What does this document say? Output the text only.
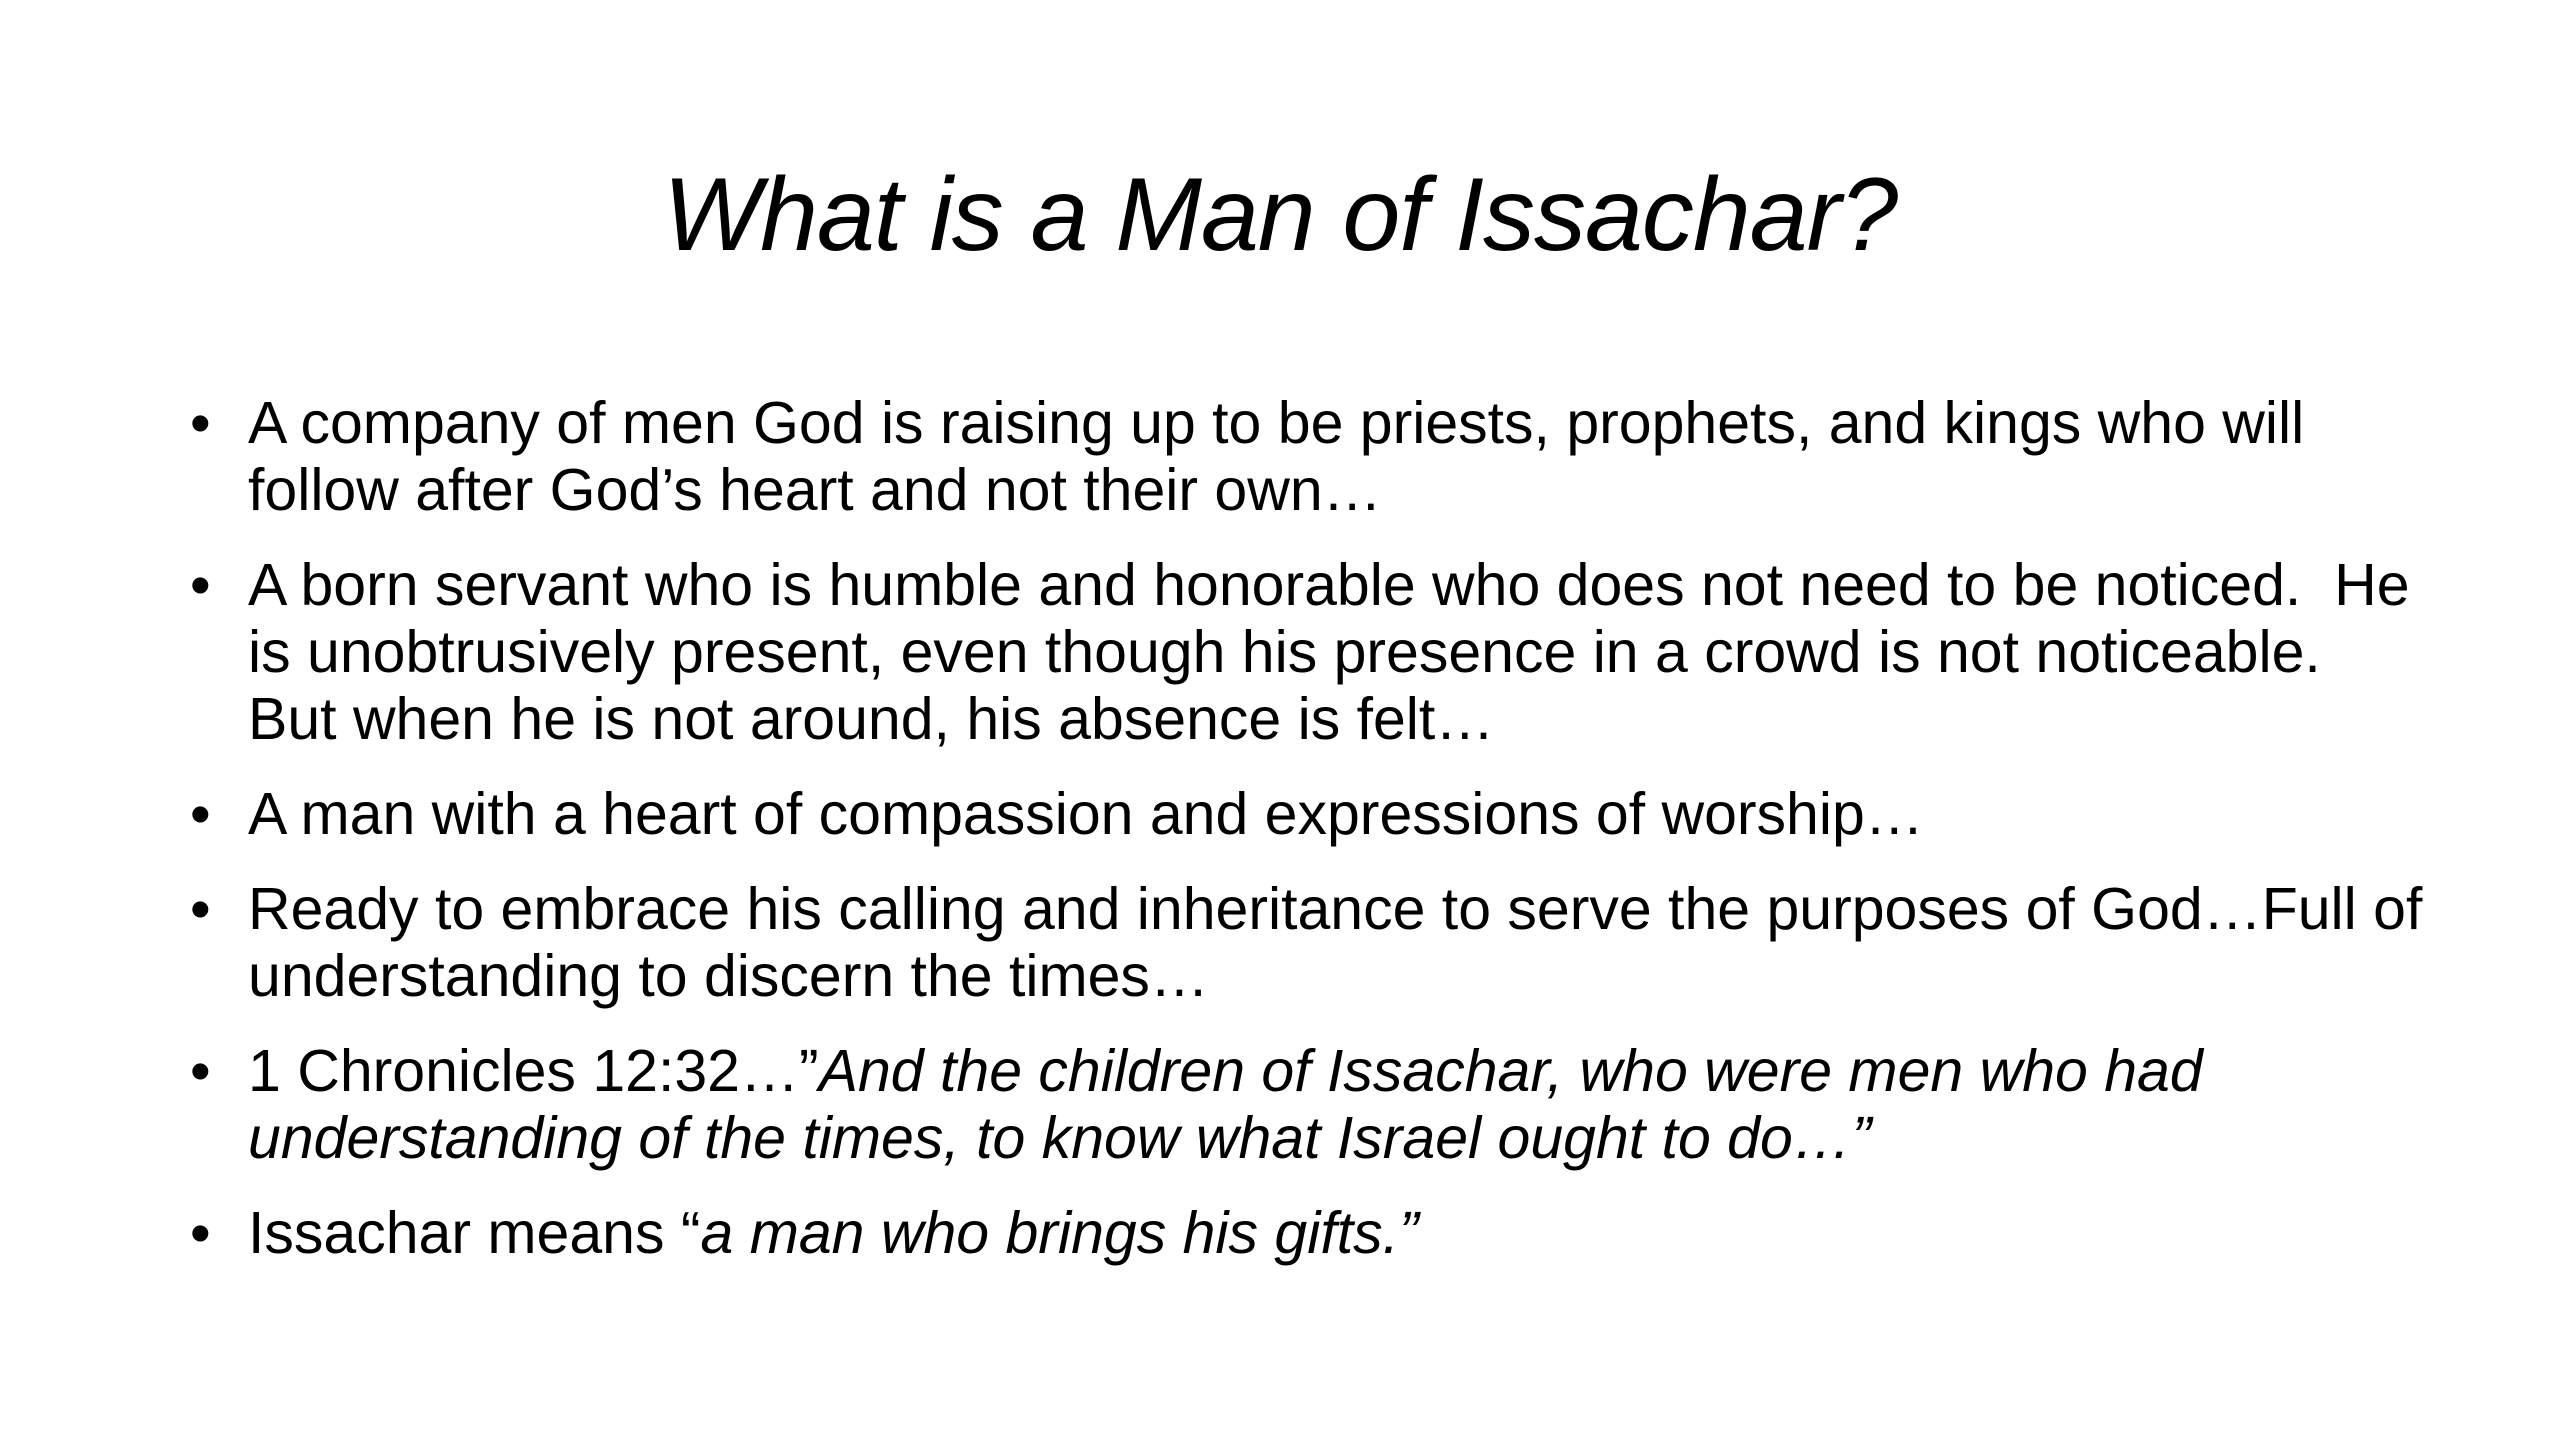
What is a Man of Issachar?
• A company of men God is raising up to be priests, prophets, and kings who will follow after God’s heart and not their own…
• A born servant who is humble and honorable who does not need to be noticed.  He is unobtrusively present, even though his presence in a crowd is not noticeable.  But when he is not around, his absence is felt…
• A man with a heart of compassion and expressions of worship…
• Ready to embrace his calling and inheritance to serve the purposes of God…Full of understanding to discern the times…
• 1 Chronicles 12:32…”And the children of Issachar, who were men who had understanding of the times, to know what Israel ought to do…”
• Issachar means “a man who brings his gifts.”
